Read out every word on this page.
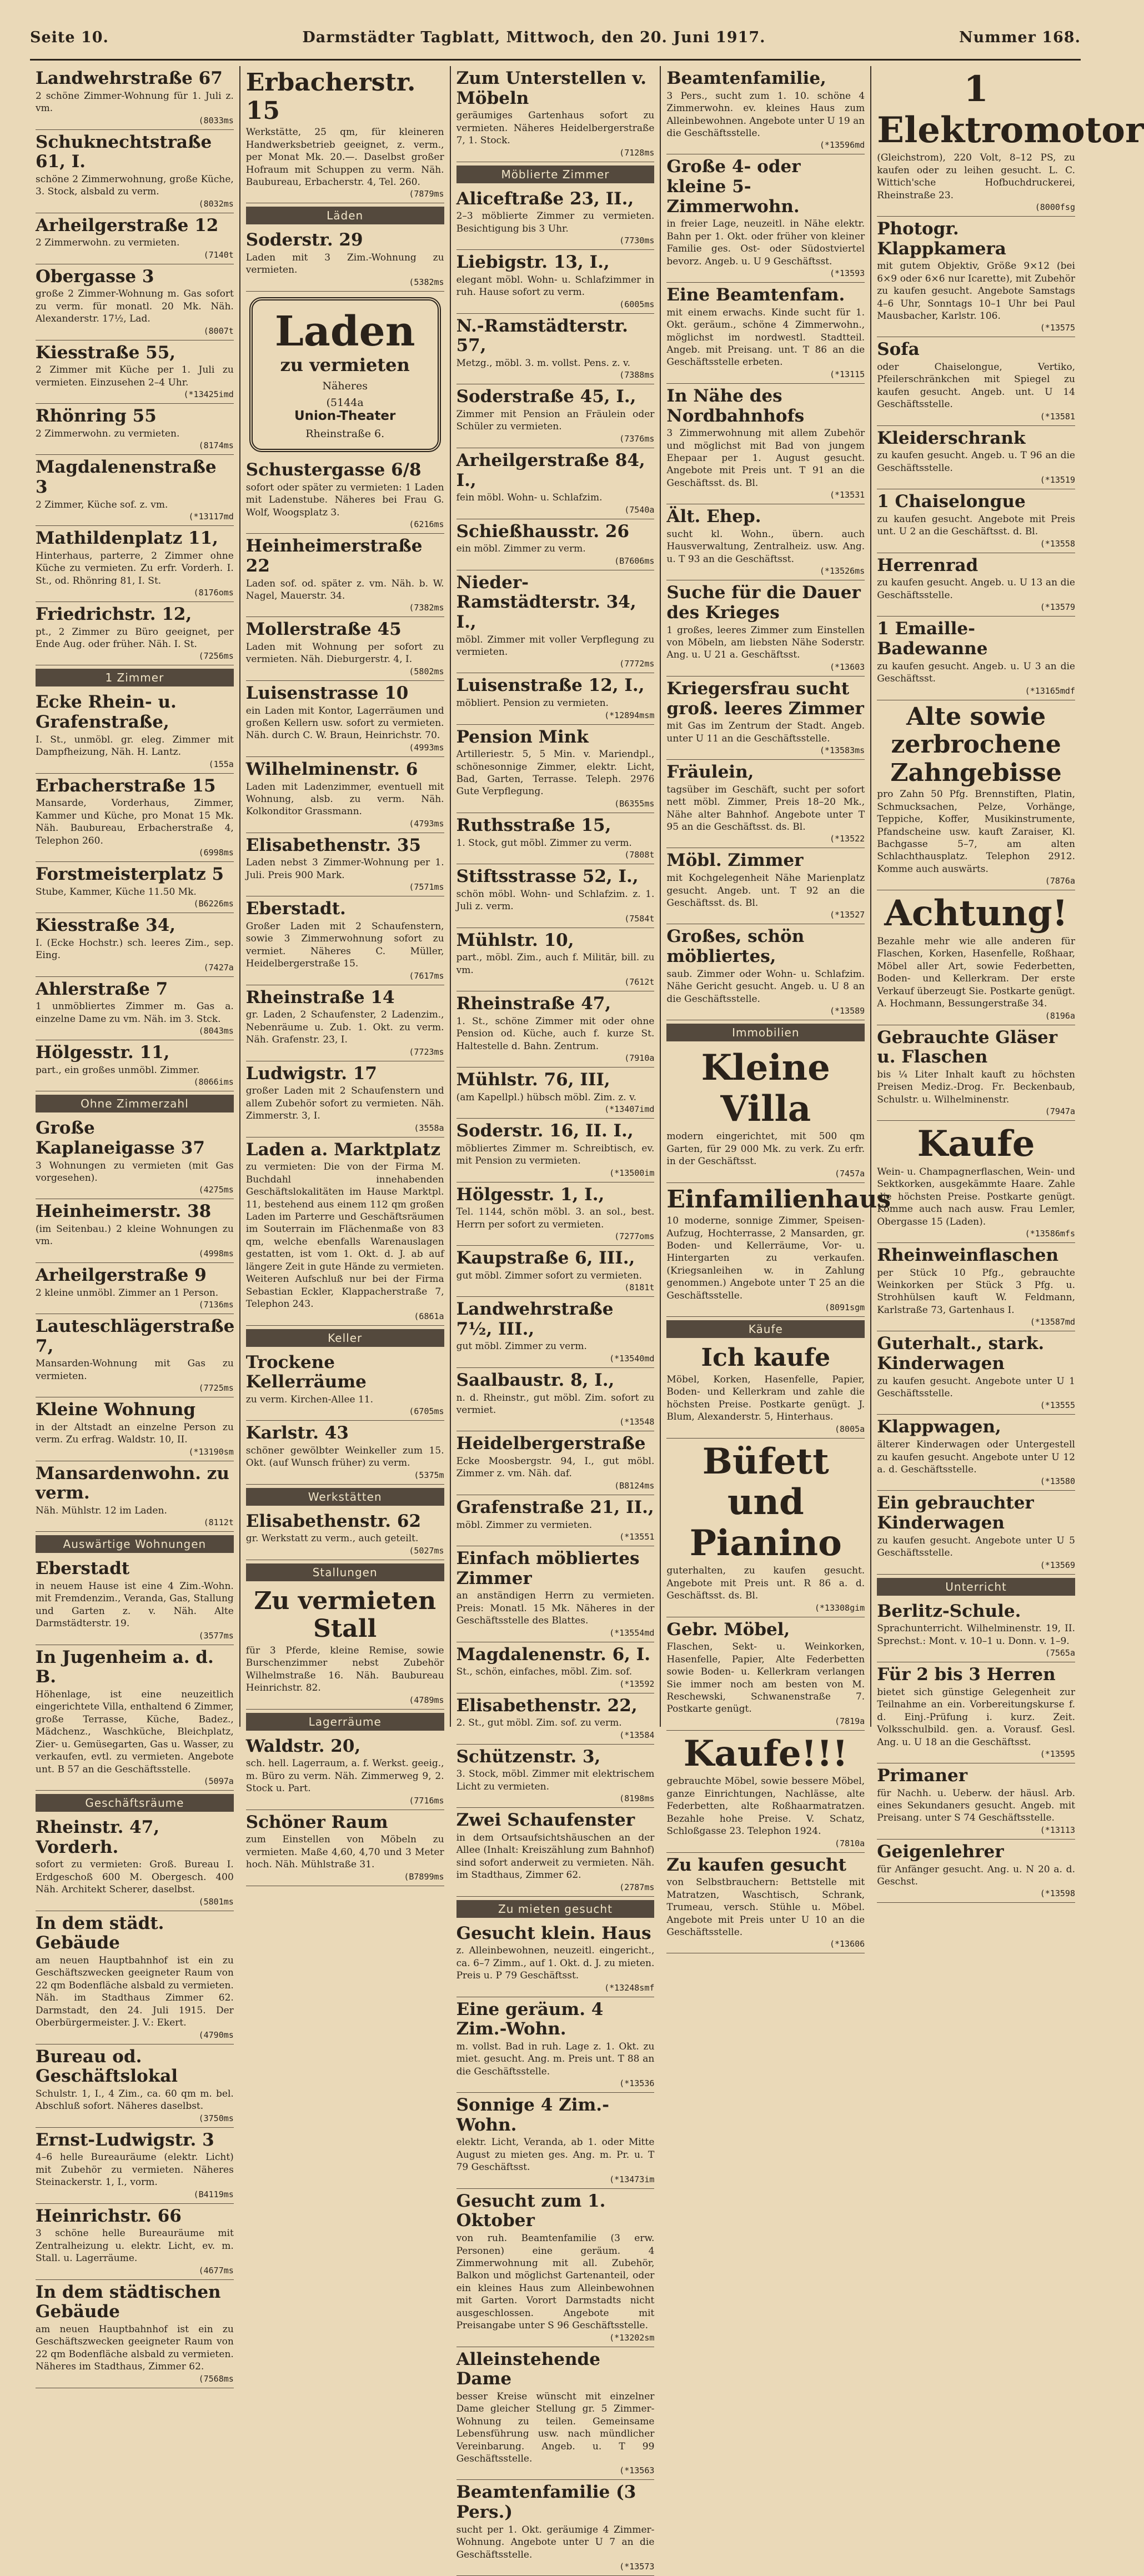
Seite 10.	Darmstädter Tagblatt, Mittwoch, den 20. Juni 1917.	Nummer 168.
Landwehrstraße 67
2 schöne Zimmer-Wohnung für 1. Juli z. vm.
(8033ms
Schuknechtstraße 61, I.
schöne 2 Zimmerwohnung, große Küche, 3. Stock, alsbald zu verm.
(8032ms
Arheilgerstraße 12
2 Zimmerwohn. zu vermieten.
(7140t
Obergasse 3
große 2 Zimmer-Wohnung m. Gas sofort zu verm. für monatl. 20 Mk. Näh. Alexanderstr. 17½, Lad.
(8007t
Kiesstraße 55,
2 Zimmer mit Küche per 1. Juli zu vermieten. Einzusehen 2–4 Uhr.
(*13425imd
Rhönring 55
2 Zimmerwohn. zu vermieten.
(8174ms
Magdalenenstraße 3
2 Zimmer, Küche sof. z. vm.
(*13117md
Mathildenplatz 11,
Hinterhaus, parterre, 2 Zimmer ohne Küche zu vermieten. Zu erfr. Vorderh. I. St., od. Rhönring 81, I. St.
(8176oms
Friedrichstr. 12,
pt., 2 Zimmer zu Büro geeignet, per Ende Aug. oder früher. Näh. I. St.
(7256ms
1 Zimmer
Ecke Rhein- u. Grafenstraße,
I. St., unmöbl. gr. eleg. Zimmer mit Dampfheizung, Näh. H. Lantz.
(155a
Erbacherstraße 15
Mansarde, Vorderhaus, Zimmer, Kammer und Küche, pro Monat 15 Mk. Näh. Baubureau, Erbacherstraße 4, Telephon 260.
(6998ms
Forstmeisterplatz 5
Stube, Kammer, Küche 11.50 Mk.
(B6226ms
Kiesstraße 34,
I. (Ecke Hochstr.) sch. leeres Zim., sep. Eing.
(7427a
Ahlerstraße 7
1 unmöbliertes Zimmer m. Gas a. einzelne Dame zu vm. Näh. im 3. Stck.
(8043ms
Hölgesstr. 11,
part., ein großes unmöbl. Zimmer.
(8066ims
Ohne Zimmerzahl
Große Kaplaneigasse 37
3 Wohnungen zu vermieten (mit Gas vorgesehen).
(4275ms
Heinheimerstr. 38
(im Seitenbau.) 2 kleine Wohnungen zu vm.
(4998ms
Arheilgerstraße 9
2 kleine unmöbl. Zimmer an 1 Person.
(7136ms
Lauteschlägerstraße 7,
Mansarden-Wohnung mit Gas zu vermieten.
(7725ms
Kleine Wohnung
in der Altstadt an einzelne Person zu verm. Zu erfrag. Waldstr. 10, II.
(*13190sm
Mansardenwohn. zu verm.
Näh. Mühlstr. 12 im Laden.
(8112t
Auswärtige Wohnungen
Eberstadt
in neuem Hause ist eine 4 Zim.-Wohn. mit Fremdenzim., Veranda, Gas, Stallung und Garten z. v. Näh. Alte Darmstädterstr. 19.
(3577ms
In Jugenheim a. d. B.
Höhenlage, ist eine neuzeitlich eingerichtete Villa, enthaltend 6 Zimmer, große Terrasse, Küche, Badez., Mädchenz., Waschküche, Bleichplatz, Zier- u. Gemüsegarten, Gas u. Wasser, zu verkaufen, evtl. zu vermieten. Angebote unt. B 57 an die Geschäftsstelle.
(5097a
Geschäftsräume
Rheinstr. 47, Vorderh.
sofort zu vermieten: Groß. Bureau I. Erdgeschoß 600 M. Obergesch. 400 Näh. Architekt Scherer, daselbst.
(5801ms
In dem städt. Gebäude
am neuen Hauptbahnhof ist ein zu Geschäftszwecken geeigneter Raum von 22 qm Bodenfläche alsbald zu vermieten. Näh. im Stadthaus Zimmer 62. Darmstadt, den 24. Juli 1915. Der Oberbürgermeister. J. V.: Ekert.
(4790ms
Bureau od. Geschäftslokal
Schulstr. 1, I., 4 Zim., ca. 60 qm m. bel. Abschluß sofort. Näheres daselbst.
(3750ms
Ernst-Ludwigstr. 3
4–6 helle Bureauräume (elektr. Licht) mit Zubehör zu vermieten. Näheres Steinackerstr. 1, I., vorm.
(B4119ms
Heinrichstr. 66
3 schöne helle Bureauräume mit Zentralheizung u. elektr. Licht, ev. m. Stall. u. Lagerräume.
(4677ms
In dem städtischen Gebäude
am neuen Hauptbahnhof ist ein zu Geschäftszwecken geeigneter Raum von 22 qm Bodenfläche alsbald zu vermieten. Näheres im Stadthaus, Zimmer 62.
(7568ms
Erbacherstr. 15
Werkstätte, 25 qm, für kleineren Handwerksbetrieb geeignet, z. verm., per Monat Mk. 20.—. Daselbst großer Hofraum mit Schuppen zu verm. Näh. Baubureau, Erbacherstr. 4, Tel. 260.
(7879ms
Läden
Soderstr. 29
Laden mit 3 Zim.-Wohnung zu vermieten.
(5382ms
Laden
zu vermieten
Näheres
(5144a
Union-Theater
Rheinstraße 6.
Schustergasse 6/8
sofort oder später zu vermieten: 1 Laden mit Ladenstube. Näheres bei Frau G. Wolf, Woogsplatz 3.
(6216ms
Heinheimerstraße 22
Laden sof. od. später z. vm. Näh. b. W. Nagel, Mauerstr. 34.
(7382ms
Mollerstraße 45
Laden mit Wohnung per sofort zu vermieten. Näh. Dieburgerstr. 4, I.
(5802ms
Luisenstrasse 10
ein Laden mit Kontor, Lagerräumen und großen Kellern usw. sofort zu vermieten. Näh. durch C. W. Braun, Heinrichstr. 70.
(4993ms
Wilhelminenstr. 6
Laden mit Ladenzimmer, eventuell mit Wohnung, alsb. zu verm. Näh. Kolkonditor Grassmann.
(4793ms
Elisabethenstr. 35
Laden nebst 3 Zimmer-Wohnung per 1. Juli. Preis 900 Mark.
(7571ms
Eberstadt.
Großer Laden mit 2 Schaufenstern, sowie 3 Zimmerwohnung sofort zu vermiet. Näheres C. Müller, Heidelbergerstraße 15.
(7617ms
Rheinstraße 14
gr. Laden, 2 Schaufenster, 2 Ladenzim., Nebenräume u. Zub. 1. Okt. zu verm. Näh. Grafenstr. 23, I.
(7723ms
Ludwigstr. 17
großer Laden mit 2 Schaufenstern und allem Zubehör sofort zu vermieten. Näh. Zimmerstr. 3, I.
(3558a
Laden a. Marktplatz
zu vermieten: Die von der Firma M. Buchdahl innehabenden Geschäftslokalitäten im Hause Marktpl. 11, bestehend aus einem 112 qm großen Laden im Parterre und Geschäftsräumen im Souterrain im Flächenmaße von 83 qm, welche ebenfalls Warenauslagen gestatten, ist vom 1. Okt. d. J. ab auf längere Zeit in gute Hände zu vermieten. Weiteren Aufschluß nur bei der Firma Sebastian Eckler, Klappacherstraße 7, Telephon 243.
(6861a
Keller
Trockene Kellerräume
zu verm. Kirchen-Allee 11.
(6705ms
Karlstr. 43
schöner gewölbter Weinkeller zum 15. Okt. (auf Wunsch früher) zu verm.
(5375m
Werkstätten
Elisabethenstr. 62
gr. Werkstatt zu verm., auch geteilt.
(5027ms
Stallungen
Zu vermieten Stall
für 3 Pferde, kleine Remise, sowie Burschenzimmer nebst Zubehör Wilhelmstraße 16. Näh. Baubureau Heinrichstr. 82.
(4789ms
Lagerräume
Waldstr. 20,
sch. hell. Lagerraum, a. f. Werkst. geeig., m. Büro zu verm. Näh. Zimmerweg 9, 2. Stock u. Part.
(7716ms
Schöner Raum
zum Einstellen von Möbeln zu vermieten. Maße 4,60, 4,70 und 3 Meter hoch. Näh. Mühlstraße 31.
(B7899ms
Zum Unterstellen v. Möbeln
geräumiges Gartenhaus sofort zu vermieten. Näheres Heidelbergerstraße 7, 1. Stock.
(7128ms
Möblierte Zimmer
Aliceftraße 23, II.,
2–3 möblierte Zimmer zu vermieten. Besichtigung bis 3 Uhr.
(7730ms
Liebigstr. 13, I.,
elegant möbl. Wohn- u. Schlafzimmer in ruh. Hause sofort zu verm.
(6005ms
N.-Ramstädterstr. 57,
Metzg., möbl. 3. m. vollst. Pens. z. v.
(7388ms
Soderstraße 45, I.,
Zimmer mit Pension an Fräulein oder Schüler zu vermieten.
(7376ms
Arheilgerstraße 84, I.,
fein möbl. Wohn- u. Schlafzim.
(7540a
Schießhausstr. 26
ein möbl. Zimmer zu verm.
(B7606ms
Nieder-Ramstädterstr. 34, I.,
möbl. Zimmer mit voller Verpflegung zu vermieten.
(7772ms
Luisenstraße 12, I.,
möbliert. Pension zu vermieten.
(*12894msm
Pension Mink
Artilleriestr. 5, 5 Min. v. Mariendpl., schönesonnige Zimmer, elektr. Licht, Bad, Garten, Terrasse. Teleph. 2976 Gute Verpflegung.
(B6355ms
Ruthsstraße 15,
1. Stock, gut möbl. Zimmer zu verm.
(7808t
Stiftsstrasse 52, I.,
schön möbl. Wohn- und Schlafzim. z. 1. Juli z. verm.
(7584t
Mühlstr. 10,
part., möbl. Zim., auch f. Militär, bill. zu vm.
(7612t
Rheinstraße 47,
1. St., schöne Zimmer mit oder ohne Pension od. Küche, auch f. kurze St. Haltestelle d. Bahn. Zentrum.
(7910a
Mühlstr. 76, III,
(am Kapellpl.) hübsch möbl. Zim. z. v.
(*13407imd
Soderstr. 16, II. I.,
möbliertes Zimmer m. Schreibtisch, ev. mit Pension zu vermieten.
(*13500im
Hölgesstr. 1, I.,
Tel. 1144, schön möbl. 3. an sol., best. Herrn per sofort zu vermieten.
(7277oms
Kaupstraße 6, III.,
gut möbl. Zimmer sofort zu vermieten.
(8181t
Landwehrstraße 7½, III.,
gut möbl. Zimmer zu verm.
(*13540md
Saalbaustr. 8, I.,
n. d. Rheinstr., gut möbl. Zim. sofort zu vermiet.
(*13548
Heidelbergerstraße
Ecke Moosbergstr. 94, I., gut möbl. Zimmer z. vm. Näh. daf.
(B8124ms
Grafenstraße 21, II.,
möbl. Zimmer zu vermieten.
(*13551
Einfach möbliertes Zimmer
an anständigen Herrn zu vermieten. Preis: Monatl. 15 Mk. Näheres in der Geschäftsstelle des Blattes.
(*13554md
Magdalenenstr. 6, I.
St., schön, einfaches, möbl. Zim. sof.
(*13592
Elisabethenstr. 22,
2. St., gut möbl. Zim. sof. zu verm.
(*13584
Schützenstr. 3,
3. Stock, möbl. Zimmer mit elektrischem Licht zu vermieten.
(8198ms
Zwei Schaufenster
in dem Ortsaufsichtshäuschen an der Allee (Inhalt: Kreiszählung zum Bahnhof) sind sofort anderweit zu vermieten. Näh. im Stadthaus, Zimmer 62.
(2787ms
Zu mieten gesucht
Gesucht klein. Haus
z. Alleinbewohnen, neuzeitl. eingericht., ca. 6–7 Zimm., auf 1. Okt. d. J. zu mieten. Preis u. P 79 Geschäftsst.
(*13248smf
Eine geräum. 4 Zim.-Wohn.
m. vollst. Bad in ruh. Lage z. 1. Okt. zu miet. gesucht. Ang. m. Preis unt. T 88 an die Geschäftsstelle.
(*13536
Sonnige 4 Zim.-Wohn.
elektr. Licht, Veranda, ab 1. oder Mitte August zu mieten ges. Ang. m. Pr. u. T 79 Geschäftsst.
(*13473im
Gesucht zum 1. Oktober
von ruh. Beamtenfamilie (3 erw. Personen) eine geräum. 4 Zimmerwohnung mit all. Zubehör, Balkon und möglichst Gartenanteil, oder ein kleines Haus zum Alleinbewohnen mit Garten. Vorort Darmstadts nicht ausgeschlossen. Angebote mit Preisangabe unter S 96 Geschäftsstelle.
(*13202sm
Alleinstehende Dame
besser Kreise wünscht mit einzelner Dame gleicher Stellung gr. 5 Zimmer-Wohnung zu teilen. Gemeinsame Lebensführung usw. nach mündlicher Vereinbarung. Angeb. u. T 99 Geschäftsstelle.
(*13563
Beamtenfamilie (3 Pers.)
sucht per 1. Okt. geräumige 4 Zimmer-Wohnung. Angebote unter U 7 an die Geschäftsstelle.
(*13573
Beamtenfamilie,
3 Pers., sucht zum 1. 10. schöne 4 Zimmerwohn. ev. kleines Haus zum Alleinbewohnen. Angebote unter U 19 an die Geschäftsstelle.
(*13596md
Große 4- oder kleine 5-Zimmerwohn.
in freier Lage, neuzeitl. in Nähe elektr. Bahn per 1. Okt. oder früher von kleiner Familie ges. Ost- oder Südostviertel bevorz. Angeb. u. U 9 Geschäftsst.
(*13593
Eine Beamtenfam.
mit einem erwachs. Kinde sucht für 1. Okt. geräum., schöne 4 Zimmerwohn., möglichst im nordwestl. Stadtteil. Angeb. mit Preisang. unt. T 86 an die Geschäftsstelle erbeten.
(*13115
In Nähe des Nordbahnhofs
3 Zimmerwohnung mit allem Zubehör und möglichst mit Bad von jungem Ehepaar per 1. August gesucht. Angebote mit Preis unt. T 91 an die Geschäftsst. ds. Bl.
(*13531
Ält. Ehep.
sucht kl. Wohn., übern. auch Hausverwaltung, Zentralheiz. usw. Ang. u. T 93 an die Geschäftsst.
(*13526ms
Suche für die Dauer des Krieges
1 großes, leeres Zimmer zum Einstellen von Möbeln, am liebsten Nähe Soderstr. Ang. u. U 21 a. Geschäftsst.
(*13603
Kriegersfrau sucht groß. leeres Zimmer
mit Gas im Zentrum der Stadt. Angeb. unter U 11 an die Geschäftsstelle.
(*13583ms
Fräulein,
tagsüber im Geschäft, sucht per sofort nett möbl. Zimmer, Preis 18–20 Mk., Nähe alter Bahnhof. Angebote unter T 95 an die Geschäftsst. ds. Bl.
(*13522
Möbl. Zimmer
mit Kochgelegenheit Nähe Marienplatz gesucht. Angeb. unt. T 92 an die Geschäftsst. ds. Bl.
(*13527
Großes, schön möbliertes,
saub. Zimmer oder Wohn- u. Schlafzim. Nähe Gericht gesucht. Angeb. u. U 8 an die Geschäftsstelle.
(*13589
Immobilien
Kleine Villa
modern eingerichtet, mit 500 qm Garten, für 29 000 Mk. zu verk. Zu erfr. in der Geschäftsst.
(7457a
Einfamilienhaus
10 moderne, sonnige Zimmer, Speisen-Aufzug, Hochterrasse, 2 Mansarden, gr. Boden- und Kellerräume, Vor- u. Hintergarten zu verkaufen. (Kriegsanleihen w. in Zahlung genommen.) Angebote unter T 25 an die Geschäftsstelle.
(8091sgm
Käufe
Ich kaufe
Möbel, Korken, Hasenfelle, Papier, Boden- und Kellerkram und zahle die höchsten Preise. Postkarte genügt. J. Blum, Alexanderstr. 5, Hinterhaus.
(8005a
Büfett und Pianino
guterhalten, zu kaufen gesucht. Angebote mit Preis unt. R 86 a. d. Geschäftsst. ds. Bl.
(*13308gim
Gebr. Möbel,
Flaschen, Sekt- u. Weinkorken, Hasenfelle, Papier, Alte Federbetten sowie Boden- u. Kellerkram verlangen Sie immer noch am besten von M. Reschewski, Schwanenstraße 7. Postkarte genügt.
(7819a
Kaufe!!!
gebrauchte Möbel, sowie bessere Möbel, ganze Einrichtungen, Nachlässe, alte Federbetten, alte Roßhaarmatratzen. Bezahle hohe Preise. V. Schatz, Schloßgasse 23. Telephon 1924.
(7810a
Zu kaufen gesucht
von Selbstbrauchern: Bettstelle mit Matratzen, Waschtisch, Schrank, Trumeau, versch. Stühle u. Möbel. Angebote mit Preis unter U 10 an die Geschäftsstelle.
(*13606
1 Elektromotor
(Gleichstrom), 220 Volt, 8–12 PS, zu kaufen oder zu leihen gesucht. L. C. Wittich'sche Hofbuchdruckerei, Rheinstraße 23.
(8000fsg
Photogr. Klappkamera
mit gutem Objektiv, Größe 9×12 (bei 6×9 oder 6×6 nur Icarette), mit Zubehör zu kaufen gesucht. Angebote Samstags 4–6 Uhr, Sonntags 10–1 Uhr bei Paul Mausbacher, Karlstr. 106.
(*13575
Sofa
oder Chaiselongue, Vertiko, Pfeilerschränkchen mit Spiegel zu kaufen gesucht. Angeb. unt. U 14 Geschäftsstelle.
(*13581
Kleiderschrank
zu kaufen gesucht. Angeb. u. T 96 an die Geschäftsstelle.
(*13519
1 Chaiselongue
zu kaufen gesucht. Angebote mit Preis unt. U 2 an die Geschäftsst. d. Bl.
(*13558
Herrenrad
zu kaufen gesucht. Angeb. u. U 13 an die Geschäftsstelle.
(*13579
1 Emaille-Badewanne
zu kaufen gesucht. Angeb. u. U 3 an die Geschäftsst.
(*13165mdf
Alte sowie zerbrochene Zahngebisse
pro Zahn 50 Pfg. Brennstiften, Platin, Schmucksachen, Pelze, Vorhänge, Teppiche, Koffer, Musikinstrumente, Pfandscheine usw. kauft Zaraiser, Kl. Bachgasse 5–7, am alten Schlachthausplatz. Telephon 2912. Komme auch auswärts.
(7876a
Achtung!
Bezahle mehr wie alle anderen für Flaschen, Korken, Hasenfelle, Roßhaar, Möbel aller Art, sowie Federbetten, Boden- und Kellerkram. Der erste Verkauf überzeugt Sie. Postkarte genügt. A. Hochmann, Bessungerstraße 34.
(8196a
Gebrauchte Gläser u. Flaschen
bis ¼ Liter Inhalt kauft zu höchsten Preisen Mediz.-Drog. Fr. Beckenbaub, Schulstr. u. Wilhelminenstr.
(7947a
Kaufe
Wein- u. Champagnerflaschen, Wein- und Sektkorken, ausgekämmte Haare. Zahle die höchsten Preise. Postkarte genügt. Komme auch nach ausw. Frau Lemler, Obergasse 15 (Laden).
(*13586mfs
Rheinweinflaschen
per Stück 10 Pfg., gebrauchte Weinkorken per Stück 3 Pfg. u. Strohhülsen kauft W. Feldmann, Karlstraße 73, Gartenhaus I.
(*13587md
Guterhalt., stark. Kinderwagen
zu kaufen gesucht. Angebote unter U 1 Geschäftsstelle.
(*13555
Klappwagen,
älterer Kinderwagen oder Untergestell zu kaufen gesucht. Angebote unter U 12 a. d. Geschäftsstelle.
(*13580
Ein gebrauchter Kinderwagen
zu kaufen gesucht. Angebote unter U 5 Geschäftsstelle.
(*13569
Unterricht
Berlitz-Schule.
Sprachunterricht. Wilhelminenstr. 19, II. Sprechst.: Mont. v. 10–1 u. Donn. v. 1–9.
(7565a
Für 2 bis 3 Herren
bietet sich günstige Gelegenheit zur Teilnahme an ein. Vorbereitungskurse f. d. Einj.-Prüfung i. kurz. Zeit. Volksschulbild. gen. a. Vorausf. Gesl. Ang. u. U 18 an die Geschäftsst.
(*13595
Primaner
für Nachh. u. Ueberw. der häusl. Arb. eines Sekundaners gesucht. Angeb. mit Preisang. unter S 74 Geschäftsstelle.
(*13113
Geigenlehrer
für Anfänger gesucht. Ang. u. N 20 a. d. Geschst.
(*13598
